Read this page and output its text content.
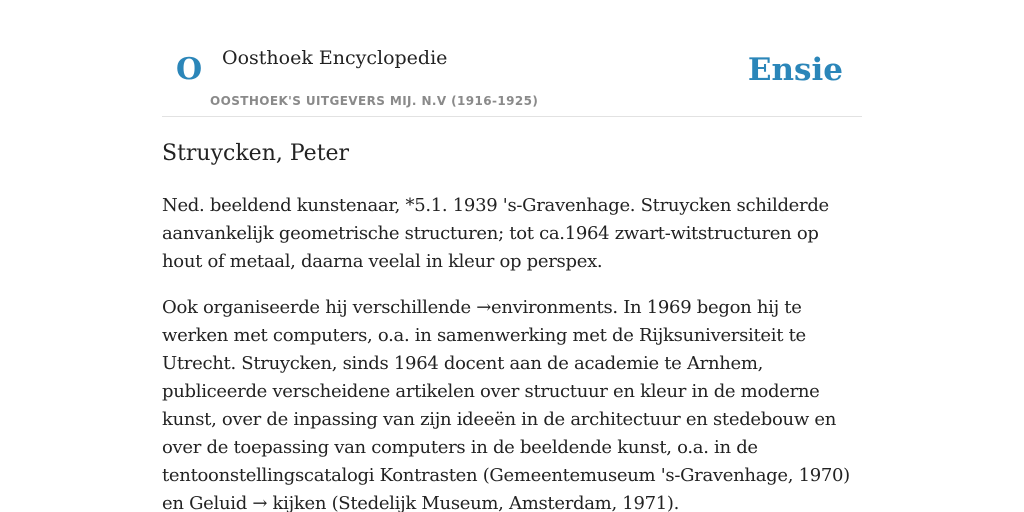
O Oosthoek Encyclopedie
OOSTHOEK'S UITGEVERS MIJ. N.V (1916-1925)
Ensie
Struycken, Peter

Ned. beeldend kunstenaar, *5.1. 1939 's-Gravenhage. Struycken schilderde aanvankelijk geometrische structuren; tot ca.1964 zwart-witstructuren op hout of metaal, daarna veelal in kleur op perspex.

Ook organiseerde hij verschillende →environments. In 1969 begon hij te werken met computers, o.a. in samenwerking met de Rijksuniversiteit te Utrecht. Struycken, sinds 1964 docent aan de academie te Arnhem, publiceerde verscheidene artikelen over structuur en kleur in de moderne kunst, over de inpassing van zijn ideeën in de architectuur en stedebouw en over de toepassing van computers in de beeldende kunst, o.a. in de tentoonstellingscatalogi Kontrasten (Gemeentemuseum 's-Gravenhage, 1970) en Geluid → kijken (Stedelijk Museum, Amsterdam, 1971).
